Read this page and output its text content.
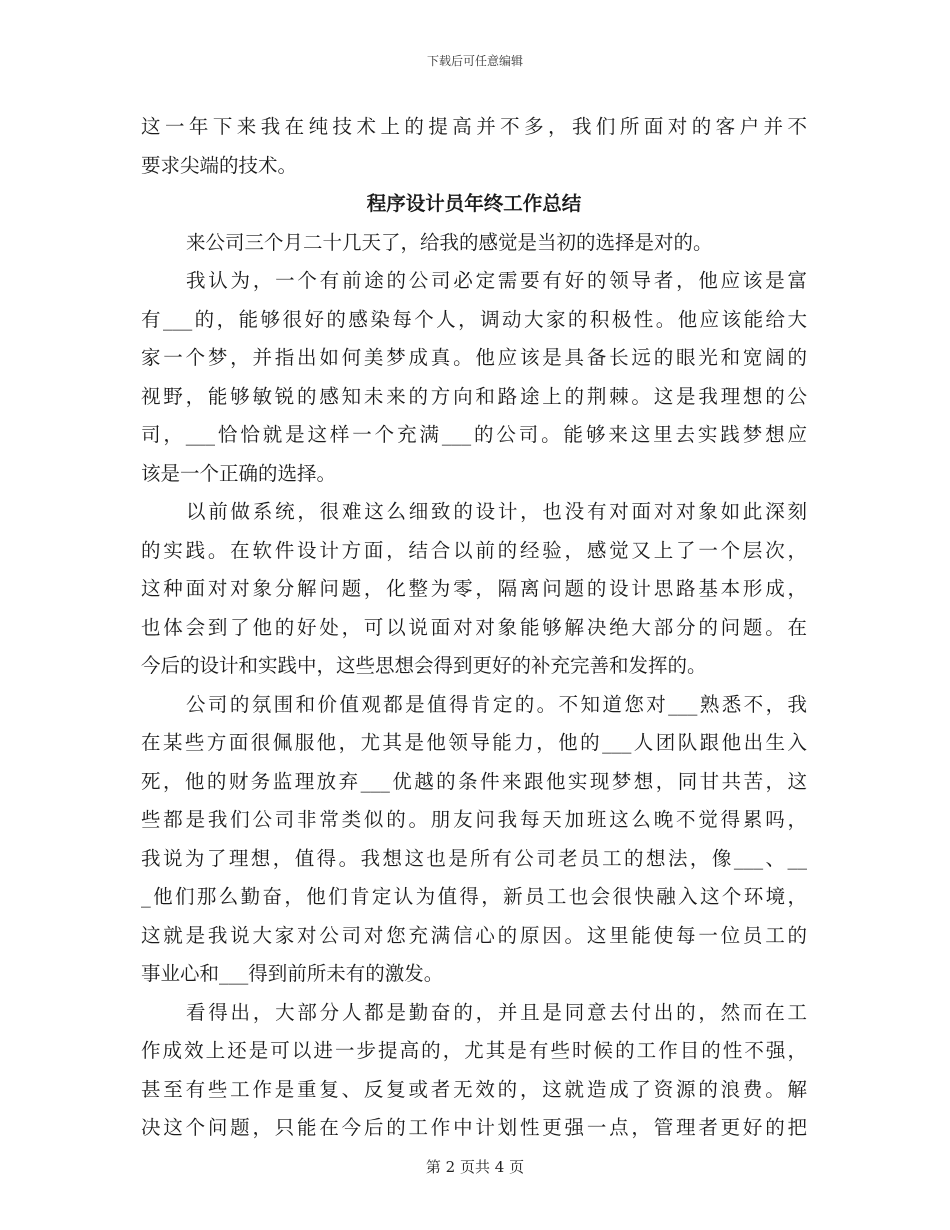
下载后可任意编辑
这一年下来我在纯技术上的提高并不多，我们所面对的客户并不
要求尖端的技术。
程序设计员年终工作总结
来公司三个月二十几天了，给我的感觉是当初的选择是对的。
我认为，一个有前途的公司必定需要有好的领导者，他应该是富
有___的，能够很好的感染每个人，调动大家的积极性。他应该能给大
家一个梦，并指出如何美梦成真。他应该是具备长远的眼光和宽阔的
视野，能够敏锐的感知未来的方向和路途上的荆棘。这是我理想的公
司，___恰恰就是这样一个充满___的公司。能够来这里去实践梦想应
该是一个正确的选择。
以前做系统，很难这么细致的设计，也没有对面对对象如此深刻
的实践。在软件设计方面，结合以前的经验，感觉又上了一个层次，
这种面对对象分解问题，化整为零，隔离问题的设计思路基本形成，
也体会到了他的好处，可以说面对对象能够解决绝大部分的问题。在
今后的设计和实践中，这些思想会得到更好的补充完善和发挥的。
公司的氛围和价值观都是值得肯定的。不知道您对___熟悉不，我
在某些方面很佩服他，尤其是他领导能力，他的___人团队跟他出生入
死，他的财务监理放弃___优越的条件来跟他实现梦想，同甘共苦，这
些都是我们公司非常类似的。朋友问我每天加班这么晚不觉得累吗，
我说为了理想，值得。我想这也是所有公司老员工的想法，像___、__
_他们那么勤奋，他们肯定认为值得，新员工也会很快融入这个环境，
这就是我说大家对公司对您充满信心的原因。这里能使每一位员工的
事业心和___得到前所未有的激发。
看得出，大部分人都是勤奋的，并且是同意去付出的，然而在工
作成效上还是可以进一步提高的，尤其是有些时候的工作目的性不强，
甚至有些工作是重复、反复或者无效的，这就造成了资源的浪费。解
决这个问题，只能在今后的工作中计划性更强一点，管理者更好的把
第 2 页共 4 页
